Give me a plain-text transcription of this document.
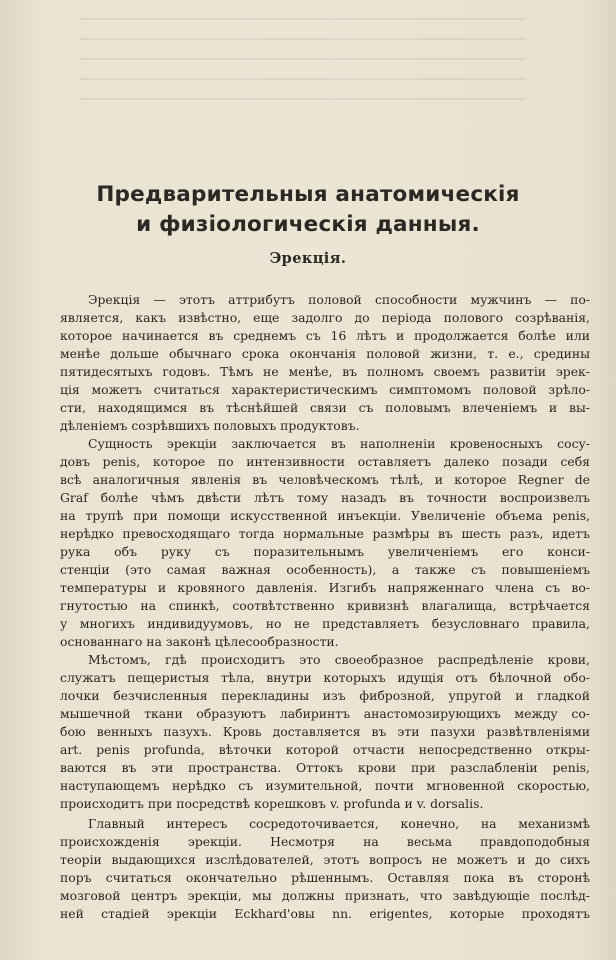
Предварительныя анатомическія
и физіологическія данныя.
Эрекція.
Эрекція — этотъ аттрибутъ половой способности мужчинъ — по-
является, какъ извѣстно, еще задолго до періода полового созрѣванія,
которое начинается въ среднемъ съ 16 лѣтъ и продолжается болѣе или
менѣе дольше обычнаго срока окончанія половой жизни, т. е., средины
пятидесятыхъ годовъ. Тѣмъ не менѣе, въ полномъ своемъ развитіи эрек-
ція можетъ считаться характеристическимъ симптомомъ половой зрѣло-
сти, находящимся въ тѣснѣйшей связи съ половымъ влеченіемъ и вы-
дѣленіемъ созрѣвшихъ половыхъ продуктовъ.
Сущность эрекціи заключается въ наполненіи кровеносныхъ сосу-
довъ penis, которое по интензивности оставляетъ далеко позади себя
всѣ аналогичныя явленія въ человѣческомъ тѣлѣ, и которое Regner de
Graf болѣе чѣмъ двѣсти лѣтъ тому назадъ въ точности воспроизвелъ
на трупѣ при помощи искусственной инъекціи. Увеличеніе объема penis,
нерѣдко превосходящаго тогда нормальные размѣры въ шесть разъ, идетъ
рука объ руку съ поразительнымъ увеличеніемъ его конси-
стенціи (это самая важная особенность), а также съ повышеніемъ
температуры и кровяного давленія. Изгибъ напряженнаго члена съ во-
гнутостью на спинкѣ, соотвѣтственно кривизнѣ влагалища, встрѣчается
у многихъ индивидуумовъ, но не представляетъ безусловнаго правила,
основаннаго на законѣ цѣлесообразности.
Мѣстомъ, гдѣ происходитъ это своеобразное распредѣленіе крови,
служатъ пещеристыя тѣла, внутри которыхъ идущія отъ бѣлочной обо-
лочки безчисленныя перекладины изъ фиброзной, упругой и гладкой
мышечной ткани образуютъ лабиринтъ анастомозирующихъ между со-
бою венныхъ пазухъ. Кровь доставляется въ эти пазухи развѣтвленіями
art. penis profunda, вѣточки которой отчасти непосредственно откры-
ваются въ эти пространства. Оттокъ крови при разслабленіи penis,
наступающемъ нерѣдко съ изумительной, почти мгновенной скоростью,
происходитъ при посредствѣ корешковъ v. profunda и v. dorsalis.
Главный интересъ сосредоточивается, конечно, на механизмѣ
происхожденія эрекціи. Несмотря на весьма правдоподобныя
теоріи выдающихся изслѣдователей, этотъ вопросъ не можетъ и до сихъ
поръ считаться окончательно рѣшеннымъ. Оставляя пока въ сторонѣ
мозговой центръ эрекціи, мы должны признать, что завѣдующіе послѣд-
ней стадіей эрекціи Eckhard'овы nn. erigentes, которые проходятъ
